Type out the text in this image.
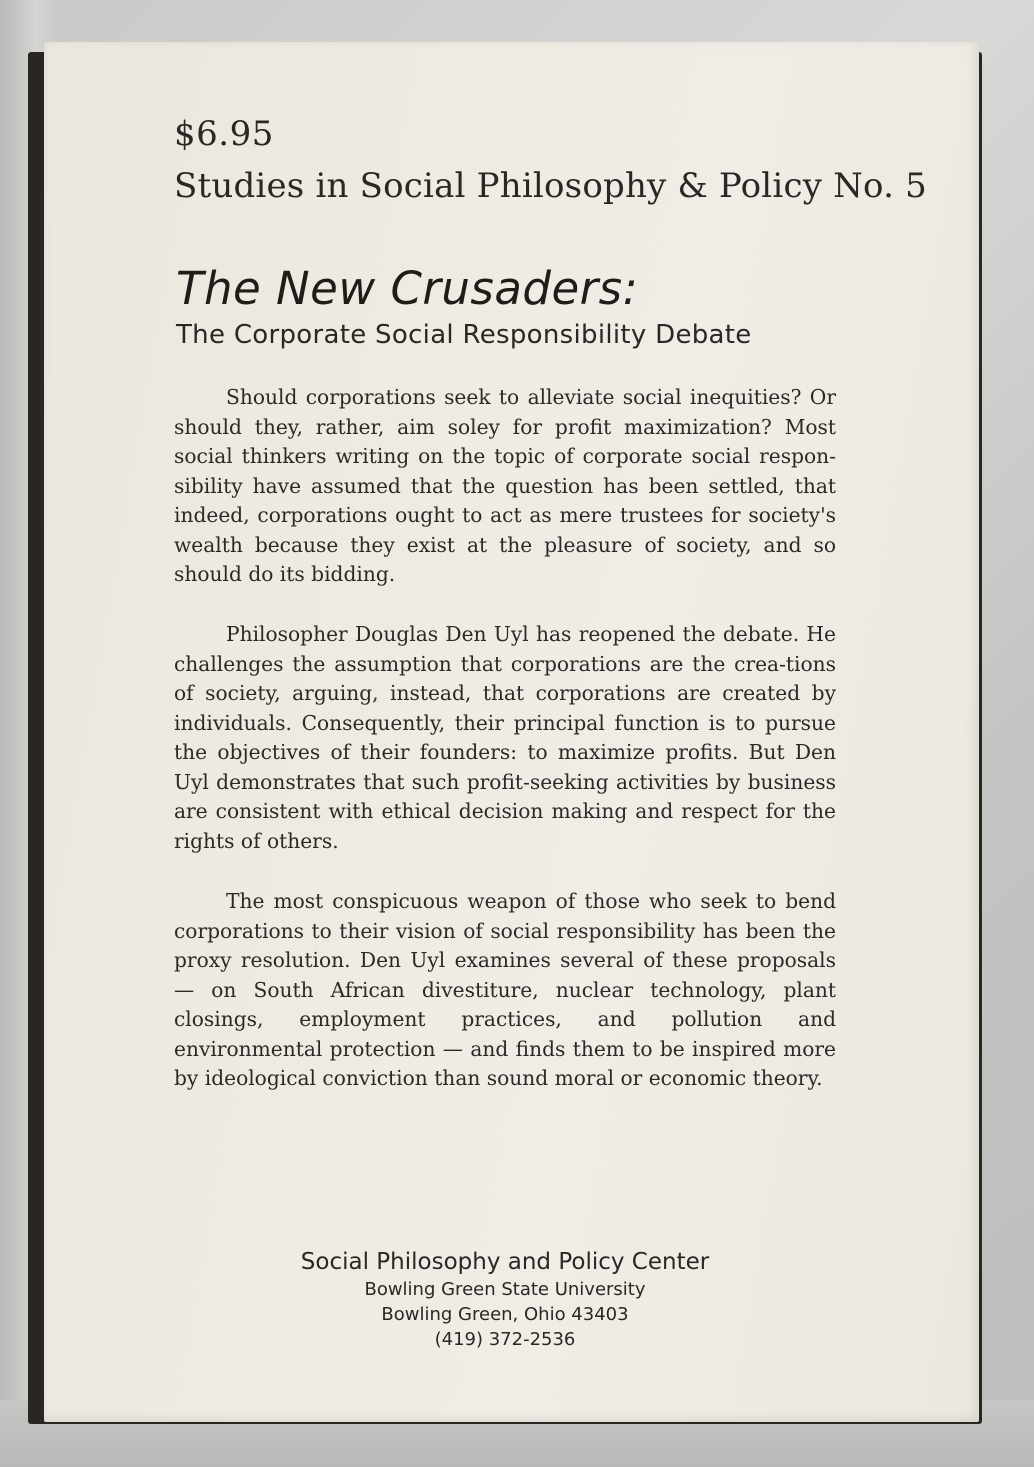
$6.95
Studies in Social Philosophy & Policy No. 5
The New Crusaders:
The Corporate Social Responsibility Debate

Should corporations seek to alleviate social inequities? Or should they, rather, aim soley for profit maximization? Most social thinkers writing on the topic of corporate social respon-sibility have assumed that the question has been settled, that indeed, corporations ought to act as mere trustees for society's wealth because they exist at the pleasure of society, and so should do its bidding.

Philosopher Douglas Den Uyl has reopened the debate. He challenges the assumption that corporations are the crea-tions of society, arguing, instead, that corporations are created by individuals. Consequently, their principal function is to pursue the objectives of their founders: to maximize profits. But Den Uyl demonstrates that such profit-seeking activities by business are consistent with ethical decision making and respect for the rights of others.

The most conspicuous weapon of those who seek to bend corporations to their vision of social responsibility has been the proxy resolution. Den Uyl examines several of these proposals — on South African divestiture, nuclear technology, plant closings, employment practices, and pollution and environmental protection — and finds them to be inspired more by ideological conviction than sound moral or economic theory.

Social Philosophy and Policy Center
Bowling Green State University
Bowling Green, Ohio 43403
(419) 372-2536
